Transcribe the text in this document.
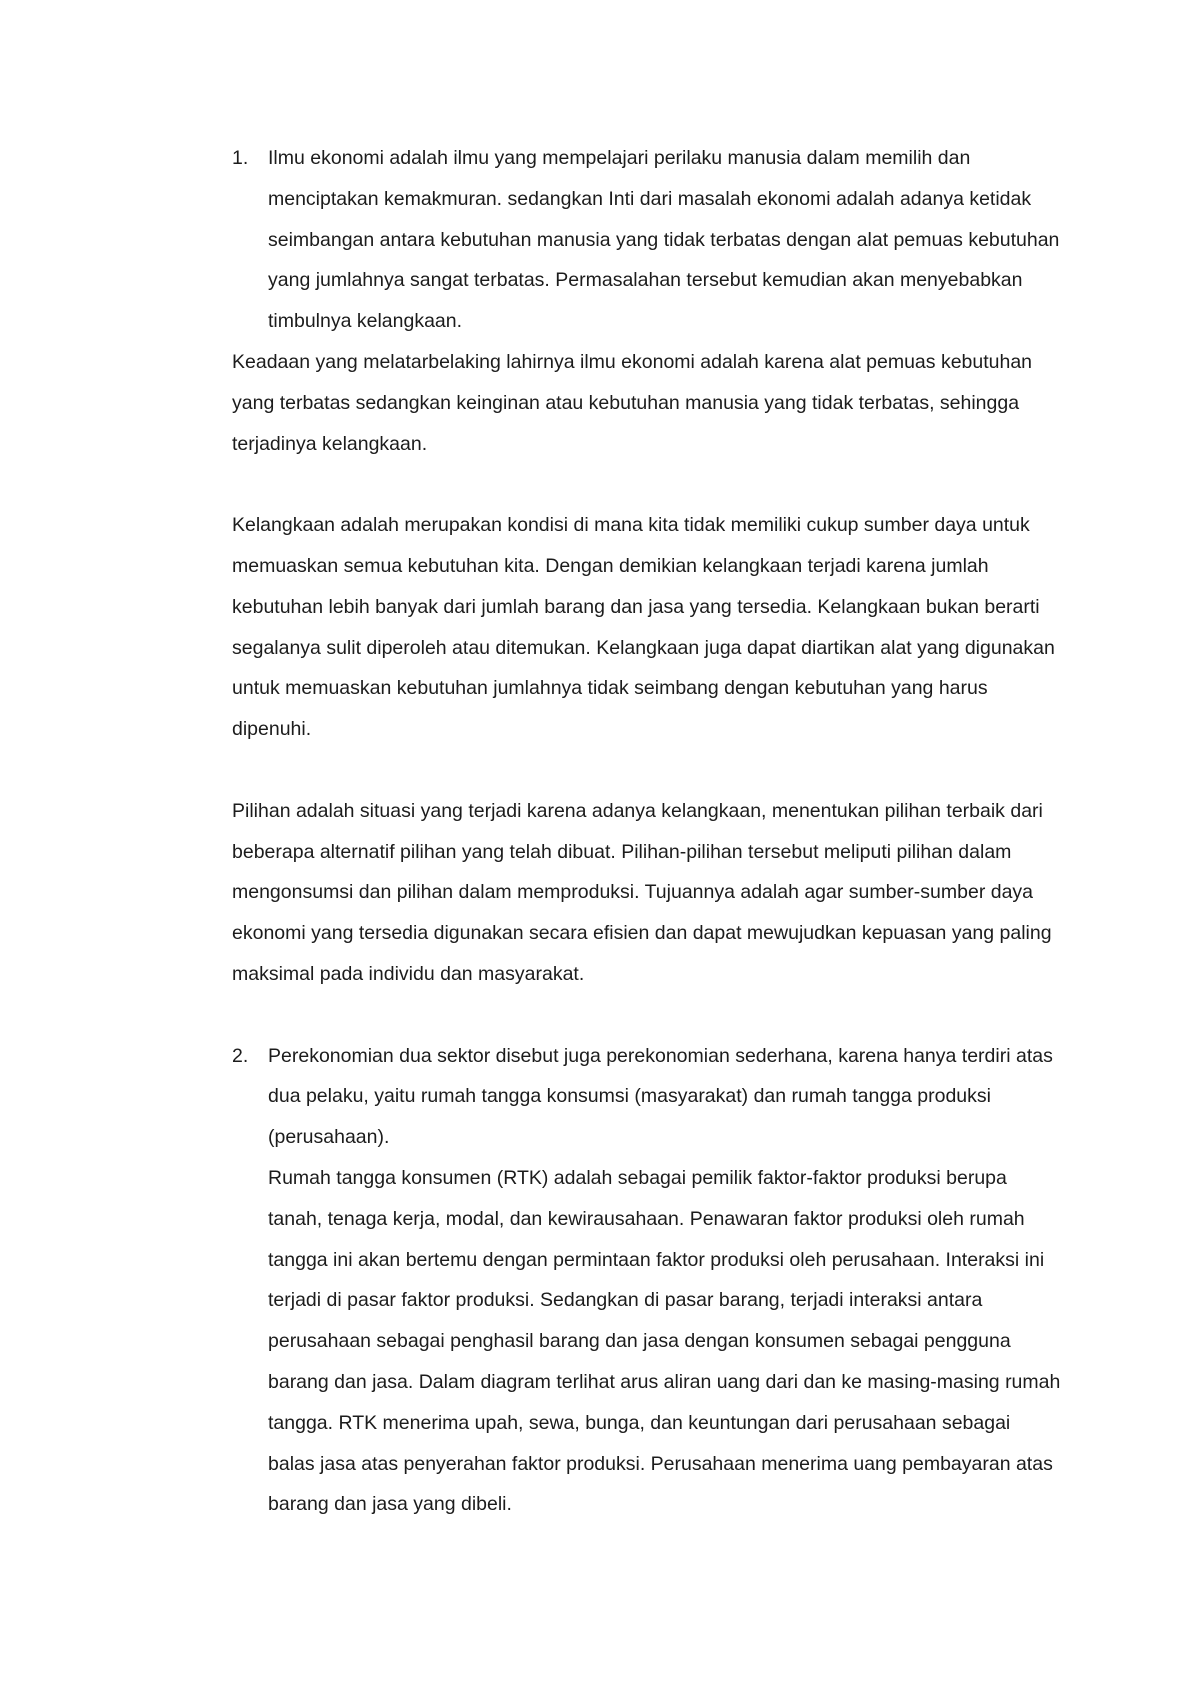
1. Ilmu ekonomi adalah ilmu yang mempelajari perilaku manusia dalam memilih dan menciptakan kemakmuran. sedangkan Inti dari masalah ekonomi adalah adanya ketidak seimbangan antara kebutuhan manusia yang tidak terbatas dengan alat pemuas kebutuhan yang jumlahnya sangat terbatas. Permasalahan tersebut kemudian akan menyebabkan timbulnya kelangkaan.

Keadaan yang melatarbelaking lahirnya ilmu ekonomi adalah karena alat pemuas kebutuhan yang terbatas sedangkan keinginan atau kebutuhan manusia yang tidak terbatas, sehingga terjadinya kelangkaan.

Kelangkaan adalah merupakan kondisi di mana kita tidak memiliki cukup sumber daya untuk memuaskan semua kebutuhan kita. Dengan demikian kelangkaan terjadi karena jumlah kebutuhan lebih banyak dari jumlah barang dan jasa yang tersedia. Kelangkaan bukan berarti segalanya sulit diperoleh atau ditemukan. Kelangkaan juga dapat diartikan alat yang digunakan untuk memuaskan kebutuhan jumlahnya tidak seimbang dengan kebutuhan yang harus dipenuhi.

Pilihan adalah situasi yang terjadi karena adanya kelangkaan, menentukan pilihan terbaik dari beberapa alternatif pilihan yang telah dibuat. Pilihan-pilihan tersebut meliputi pilihan dalam mengonsumsi dan pilihan dalam memproduksi. Tujuannya adalah agar sumber-sumber daya ekonomi yang tersedia digunakan secara efisien dan dapat mewujudkan kepuasan yang paling maksimal pada individu dan masyarakat.

2. Perekonomian dua sektor disebut juga perekonomian sederhana, karena hanya terdiri atas dua pelaku, yaitu rumah tangga konsumsi (masyarakat) dan rumah tangga produksi (perusahaan).
Rumah tangga konsumen (RTK) adalah sebagai pemilik faktor-faktor produksi berupa tanah, tenaga kerja, modal, dan kewirausahaan. Penawaran faktor produksi oleh rumah tangga ini akan bertemu dengan permintaan faktor produksi oleh perusahaan. Interaksi ini terjadi di pasar faktor produksi. Sedangkan di pasar barang, terjadi interaksi antara perusahaan sebagai penghasil barang dan jasa dengan konsumen sebagai pengguna barang dan jasa. Dalam diagram terlihat arus aliran uang dari dan ke masing-masing rumah tangga. RTK menerima upah, sewa, bunga, dan keuntungan dari perusahaan sebagai balas jasa atas penyerahan faktor produksi. Perusahaan menerima uang pembayaran atas barang dan jasa yang dibeli.
